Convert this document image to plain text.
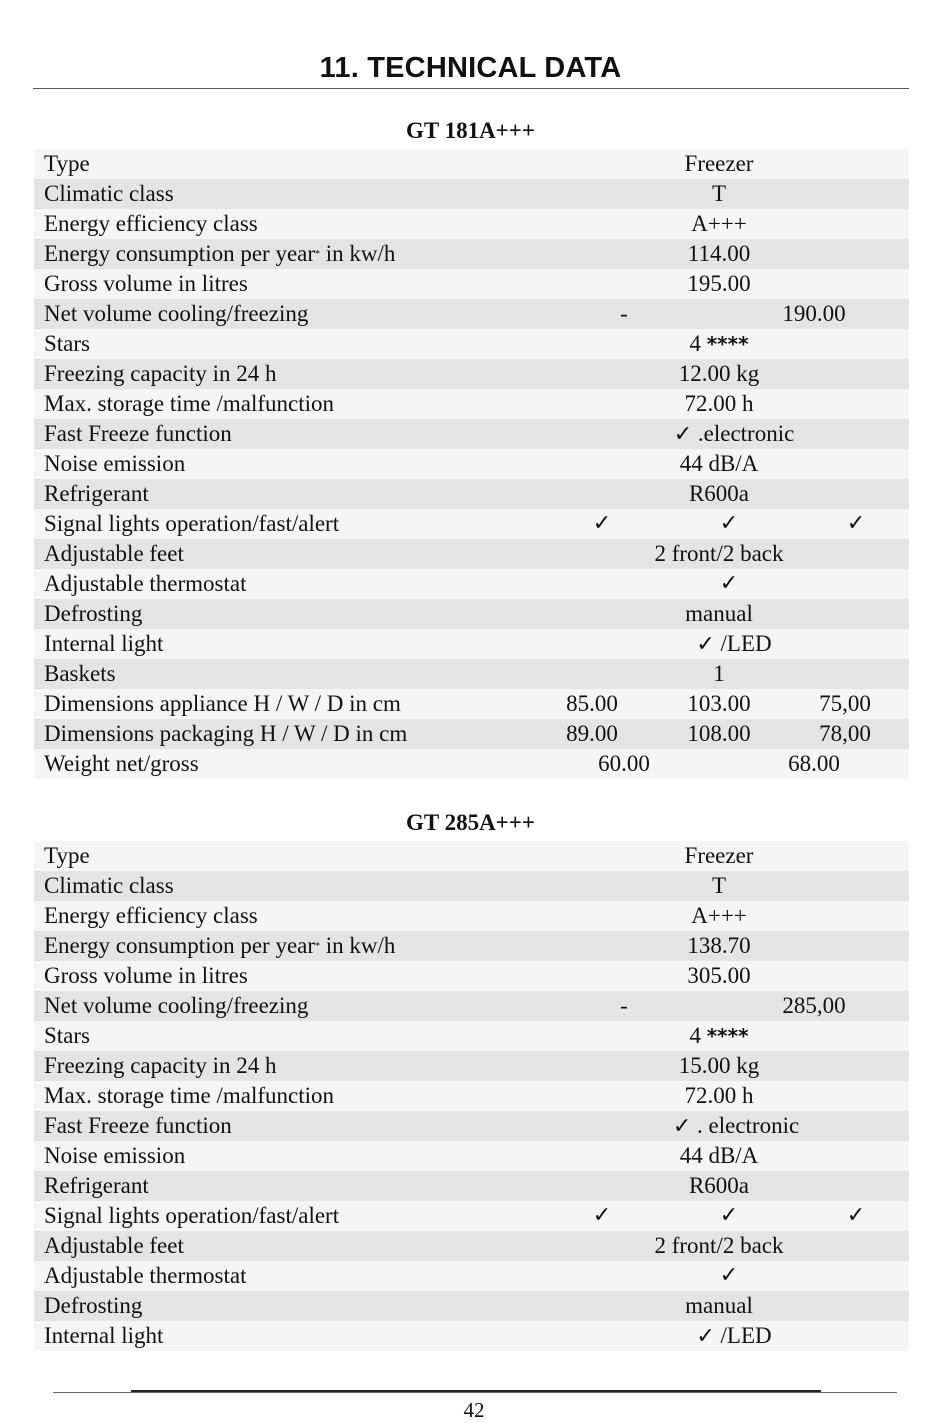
11. TECHNICAL DATA
GT 181A+++
Type	Freezer
Climatic class	T
Energy efficiency class	A+++
Energy consumption per year* in kw/h	114.00
Gross volume in litres	195.00
Net volume cooling/freezing	-	190.00
Stars	4 ****
Freezing capacity in 24 h	12.00 kg
Max. storage time /malfunction	72.00 h
Fast Freeze function	✓ .electronic
Noise emission	44 dB/A
Refrigerant	R600a
Signal lights operation/fast/alert	✓	✓	✓
Adjustable feet	2 front/2 back
Adjustable thermostat	✓
Defrosting	manual
Internal light	✓ /LED
Baskets	1
Dimensions appliance H / W / D in cm	85.00	103.00	75,00
Dimensions packaging H / W / D in cm	89.00	108.00	78,00
Weight net/gross	60.00	68.00
GT 285A+++
Type	Freezer
Climatic class	T
Energy efficiency class	A+++
Energy consumption per year* in kw/h	138.70
Gross volume in litres	305.00
Net volume cooling/freezing	-	285,00
Stars	4 ****
Freezing capacity in 24 h	15.00 kg
Max. storage time /malfunction	72.00 h
Fast Freeze function	✓ . electronic
Noise emission	44 dB/A
Refrigerant	R600a
Signal lights operation/fast/alert	✓	✓	✓
Adjustable feet	2 front/2 back
Adjustable thermostat	✓
Defrosting	manual
Internal light	✓ /LED
42
